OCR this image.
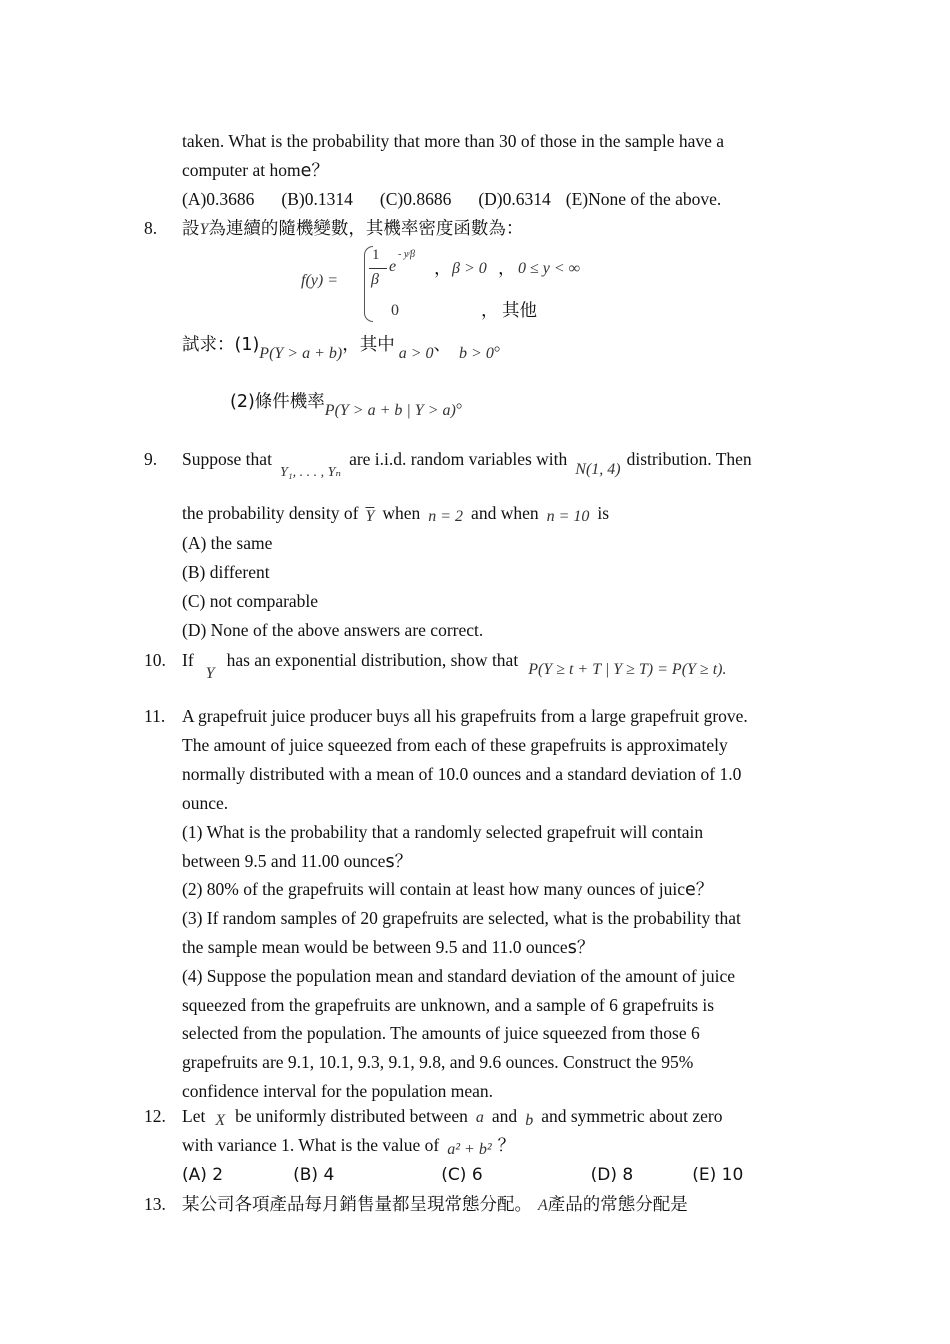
taken. What is the probability that more than 30 of those in the sample have a
computer at home？
(A)0.3686 (B)0.1314 (C)0.8686 (D)0.6314 (E)None of the above.
8. 設Y為連續的隨機變數，其機率密度函數為：
f(y) =
1
β
e
- y⁄β
， β > 0 ， 0 ≤ y < ∞
0	， 其他
試求：(1)P(Y > a + b)，其中 a > 0、 b > 0。
(2)條件機率P(Y > a + b | Y > a)。
9. Suppose that$_{Y_1, . . . , Y_n}$are i.i.d. random variables withN(1, 4)distribution. Then
the probability density of $\overline{Y}$ when n = 2 and when n = 10 is
(A) the same
(B) different
(C) not comparable
(D) None of the above answers are correct.
10. IfYhas an exponential distribution, show that P(Y ≥ t + T | Y ≥ T) = P(Y ≥ t).
11. A grapefruit juice producer buys all his grapefruits from a large grapefruit grove.
The amount of juice squeezed from each of these grapefruits is approximately
normally distributed with a mean of 10.0 ounces and a standard deviation of 1.0
ounce.
(1) What is the probability that a randomly selected grapefruit will contain
between 9.5 and 11.00 ounces？
(2) 80% of the grapefruits will contain at least how many ounces of juice？
(3) If random samples of 20 grapefruits are selected, what is the probability that
the sample mean would be between 9.5 and 11.0 ounces？
(4) Suppose the population mean and standard deviation of the amount of juice
squeezed from the grapefruits are unknown, and a sample of 6 grapefruits is
selected from the population. The amounts of juice squeezed from those 6
grapefruits are 9.1, 10.1, 9.3, 9.1, 9.8, and 9.6 ounces. Construct the 95%
confidence interval for the population mean.
12. Let X be uniformly distributed between a and b and symmetric about zero
with variance 1. What is the value of a² + b² ？
(A) 2	(B) 4	(C) 6	(D) 8	(E) 10
13. 某公司各項產品每月銷售量都呈現常態分配。 A產品的常態分配是
